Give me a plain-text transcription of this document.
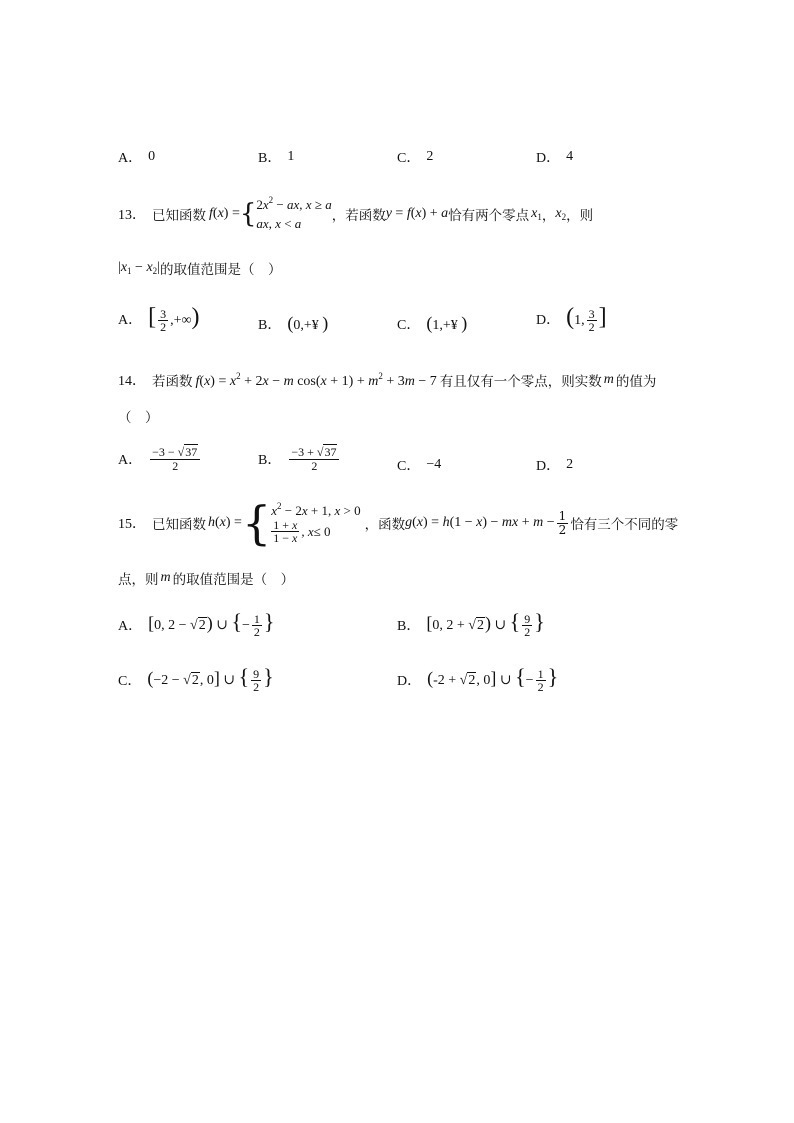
A． 0	B． 1	C． 2	D． 4
13． 已知函数 f(x) = { $2x^2$ − ax, x ≥ a
ax, x < a	，若函数 y = f(x) + a 恰有两个零点 $x_1$ ， $x_2$ ，则
$|x_1 - x_2|$ 的取值范围是（　）
A． [ $\frac{3}{2}$ ,+∞)	B． (0,+¥ )	C． (1,+¥ )	D． (1, $\frac{3}{2}$ ]
14． 若函数 $f(x) = x^2 + 2x - m$ $\cos(x + 1) + m^2 + 3m - 7$ 有且仅有一个零点，则实数 m 的值为
（　）
A． $\frac{-3 - √37}{2}$	B． $\frac{-3 + √37}{2}$	C． −4	D． 2
15． 已知函数 h(x) = { $x^2 - 2x + 1$, x > 0
$\frac{1 + x}{1 - x}$ , x ≤ 0	，函数 g(x) = h(1 − x) − mx + $m - \frac{1}{2}$ 恰有三个不同的零
点，则 m 的取值范围是（　）
A． [0, 2 − √2) ∪ {− $\frac{1}{2}$ }	B． [0, 2 + √2) ∪ { $\frac{9}{2}$ }
C． (−2 − √2, 0] ∪ { $\frac{9}{2}$ }	D． (-2 + √2, 0] ∪ {− $\frac{1}{2}$ }
